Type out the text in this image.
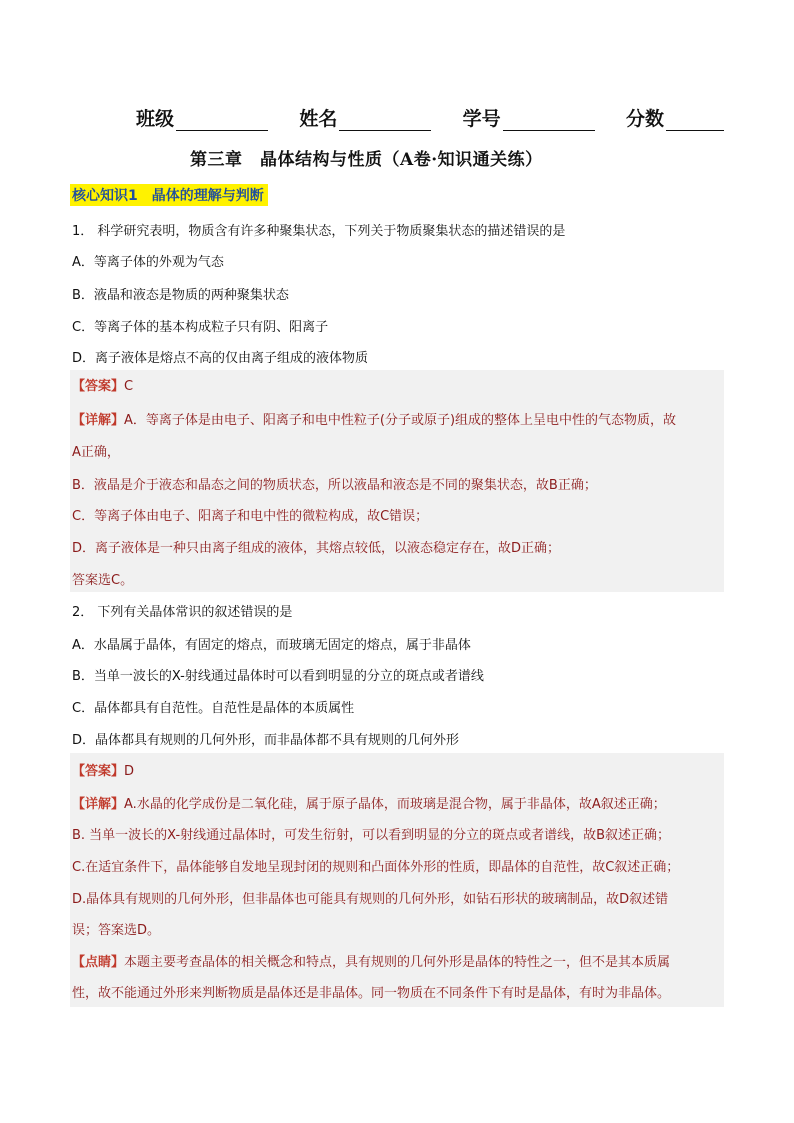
班级	姓名	学号	分数
第三章　晶体结构与性质（A卷·知识通关练）
核心知识1　晶体的理解与判断
1． 科学研究表明，物质含有许多种聚集状态，下列关于物质聚集状态的描述错误的是
A．等离子体的外观为气态
B．液晶和液态是物质的两种聚集状态
C．等离子体的基本构成粒子只有阴、阳离子
D．离子液体是熔点不高的仅由离子组成的液体物质
【答案】C
【详解】A．等离子体是由电子、阳离子和电中性粒子(分子或原子)组成的整体上呈电中性的气态物质，故
A正确，
B．液晶是介于液态和晶态之间的物质状态，所以液晶和液态是不同的聚集状态，故B正确；
C．等离子体由电子、阳离子和电中性的微粒构成，故C错误；
D．离子液体是一种只由离子组成的液体，其熔点较低，以液态稳定存在，故D正确；
答案选C。
2． 下列有关晶体常识的叙述错误的是
A．水晶属于晶体，有固定的熔点，而玻璃无固定的熔点，属于非晶体
B．当单一波长的X-射线通过晶体时可以看到明显的分立的斑点或者谱线
C．晶体都具有自范性。自范性是晶体的本质属性
D．晶体都具有规则的几何外形，而非晶体都不具有规则的几何外形
【答案】D
【详解】A.水晶的化学成份是二氧化硅，属于原子晶体，而玻璃是混合物，属于非晶体，故A叙述正确；
B. 当单一波长的X-射线通过晶体时，可发生衍射，可以看到明显的分立的斑点或者谱线，故B叙述正确；
C.在适宜条件下，晶体能够自发地呈现封闭的规则和凸面体外形的性质，即晶体的自范性，故C叙述正确；
D.晶体具有规则的几何外形，但非晶体也可能具有规则的几何外形，如钻石形状的玻璃制品，故D叙述错
误；答案选D。
【点睛】本题主要考查晶体的相关概念和特点，具有规则的几何外形是晶体的特性之一，但不是其本质属
性，故不能通过外形来判断物质是晶体还是非晶体。同一物质在不同条件下有时是晶体，有时为非晶体。
